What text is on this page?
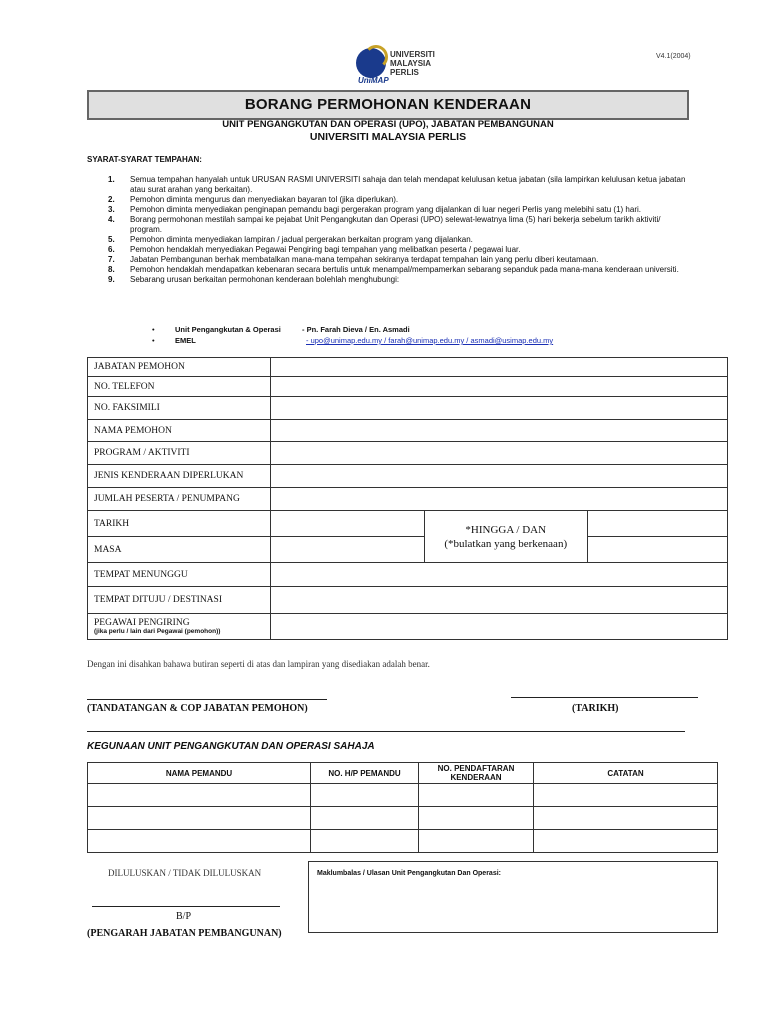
UNIVERSITI
MALAYSIA
PERLIS
UniMAP
V4.1(2004)
BORANG PERMOHONAN KENDERAAN
UNIT PENGANGKUTAN DAN OPERASI (UPO), JABATAN PEMBANGUNAN
UNIVERSITI MALAYSIA PERLIS
SYARAT-SYARAT TEMPAHAN:
1. Semua tempahan hanyalah untuk URUSAN RASMI UNIVERSITI sahaja dan telah mendapat kelulusan ketua jabatan (sila lampirkan kelulusan ketua jabatan atau surat arahan yang berkaitan).
2. Pemohon diminta mengurus dan menyediakan bayaran tol (jika diperlukan).
3. Pemohon diminta menyediakan penginapan pemandu bagi pergerakan program yang dijalankan di luar negeri Perlis yang melebihi satu (1) hari.
4. Borang permohonan mestilah sampai ke pejabat Unit Pengangkutan dan Operasi (UPO) selewat-lewatnya lima (5) hari bekerja sebelum tarikh aktiviti/ program.
5. Pemohon diminta menyediakan lampiran / jadual pergerakan berkaitan program yang dijalankan.
6. Pemohon hendaklah menyediakan Pegawai Pengiring bagi tempahan yang melibatkan peserta / pegawai luar.
7. Jabatan Pembangunan berhak membatalkan mana-mana tempahan sekiranya terdapat tempahan lain yang perlu diberi keutamaan.
8. Pemohon hendaklah mendapatkan kebenaran secara bertulis untuk menampal/mempamerkan sebarang sepanduk pada mana-mana kenderaan universiti.
9. Sebarang urusan berkaitan permohonan kenderaan bolehlah menghubungi:
•	Unit Pengangkutan & Operasi	- Pn. Farah Dieva / En. Asmadi
•	EMEL	- upo@unimap.edu.my / farah@unimap.edu.my / asmadi@usimap.edu.my
JABATAN PEMOHON			
NO. TELEFON			
NO. FAKSIMILI			
NAMA PEMOHON			
PROGRAM / AKTIVITI			
JENIS KENDERAAN DIPERLUKAN			
JUMLAH PESERTA / PENUMPANG			
TARIKH		*HINGGA / DAN
(*bulatkan yang berkenaan)	

MASA			
TEMPAT MENUNGGU			
TEMPAT DITUJU / DESTINASI			

PEGAWAI PENGIRING
(jika perlu / lain dari Pegawai (pemohon))			

Dengan ini disahkan bahawa butiran seperti di atas dan lampiran yang disediakan adalah benar.
(TANDATANGAN & COP JABATAN PEMOHON)	(TARIKH)
KEGUNAAN UNIT PENGANGKUTAN DAN OPERASI SAHAJA
NAMA PEMANDU	NO. H/P PEMANDU	NO. PENDAFTARAN KENDERAAN	CATATAN

DILULUSKAN / TIDAK DILULUSKAN
B/P
(PENGARAH JABATAN PEMBANGUNAN)
Maklumbalas / Ulasan Unit Pengangkutan Dan Operasi:
